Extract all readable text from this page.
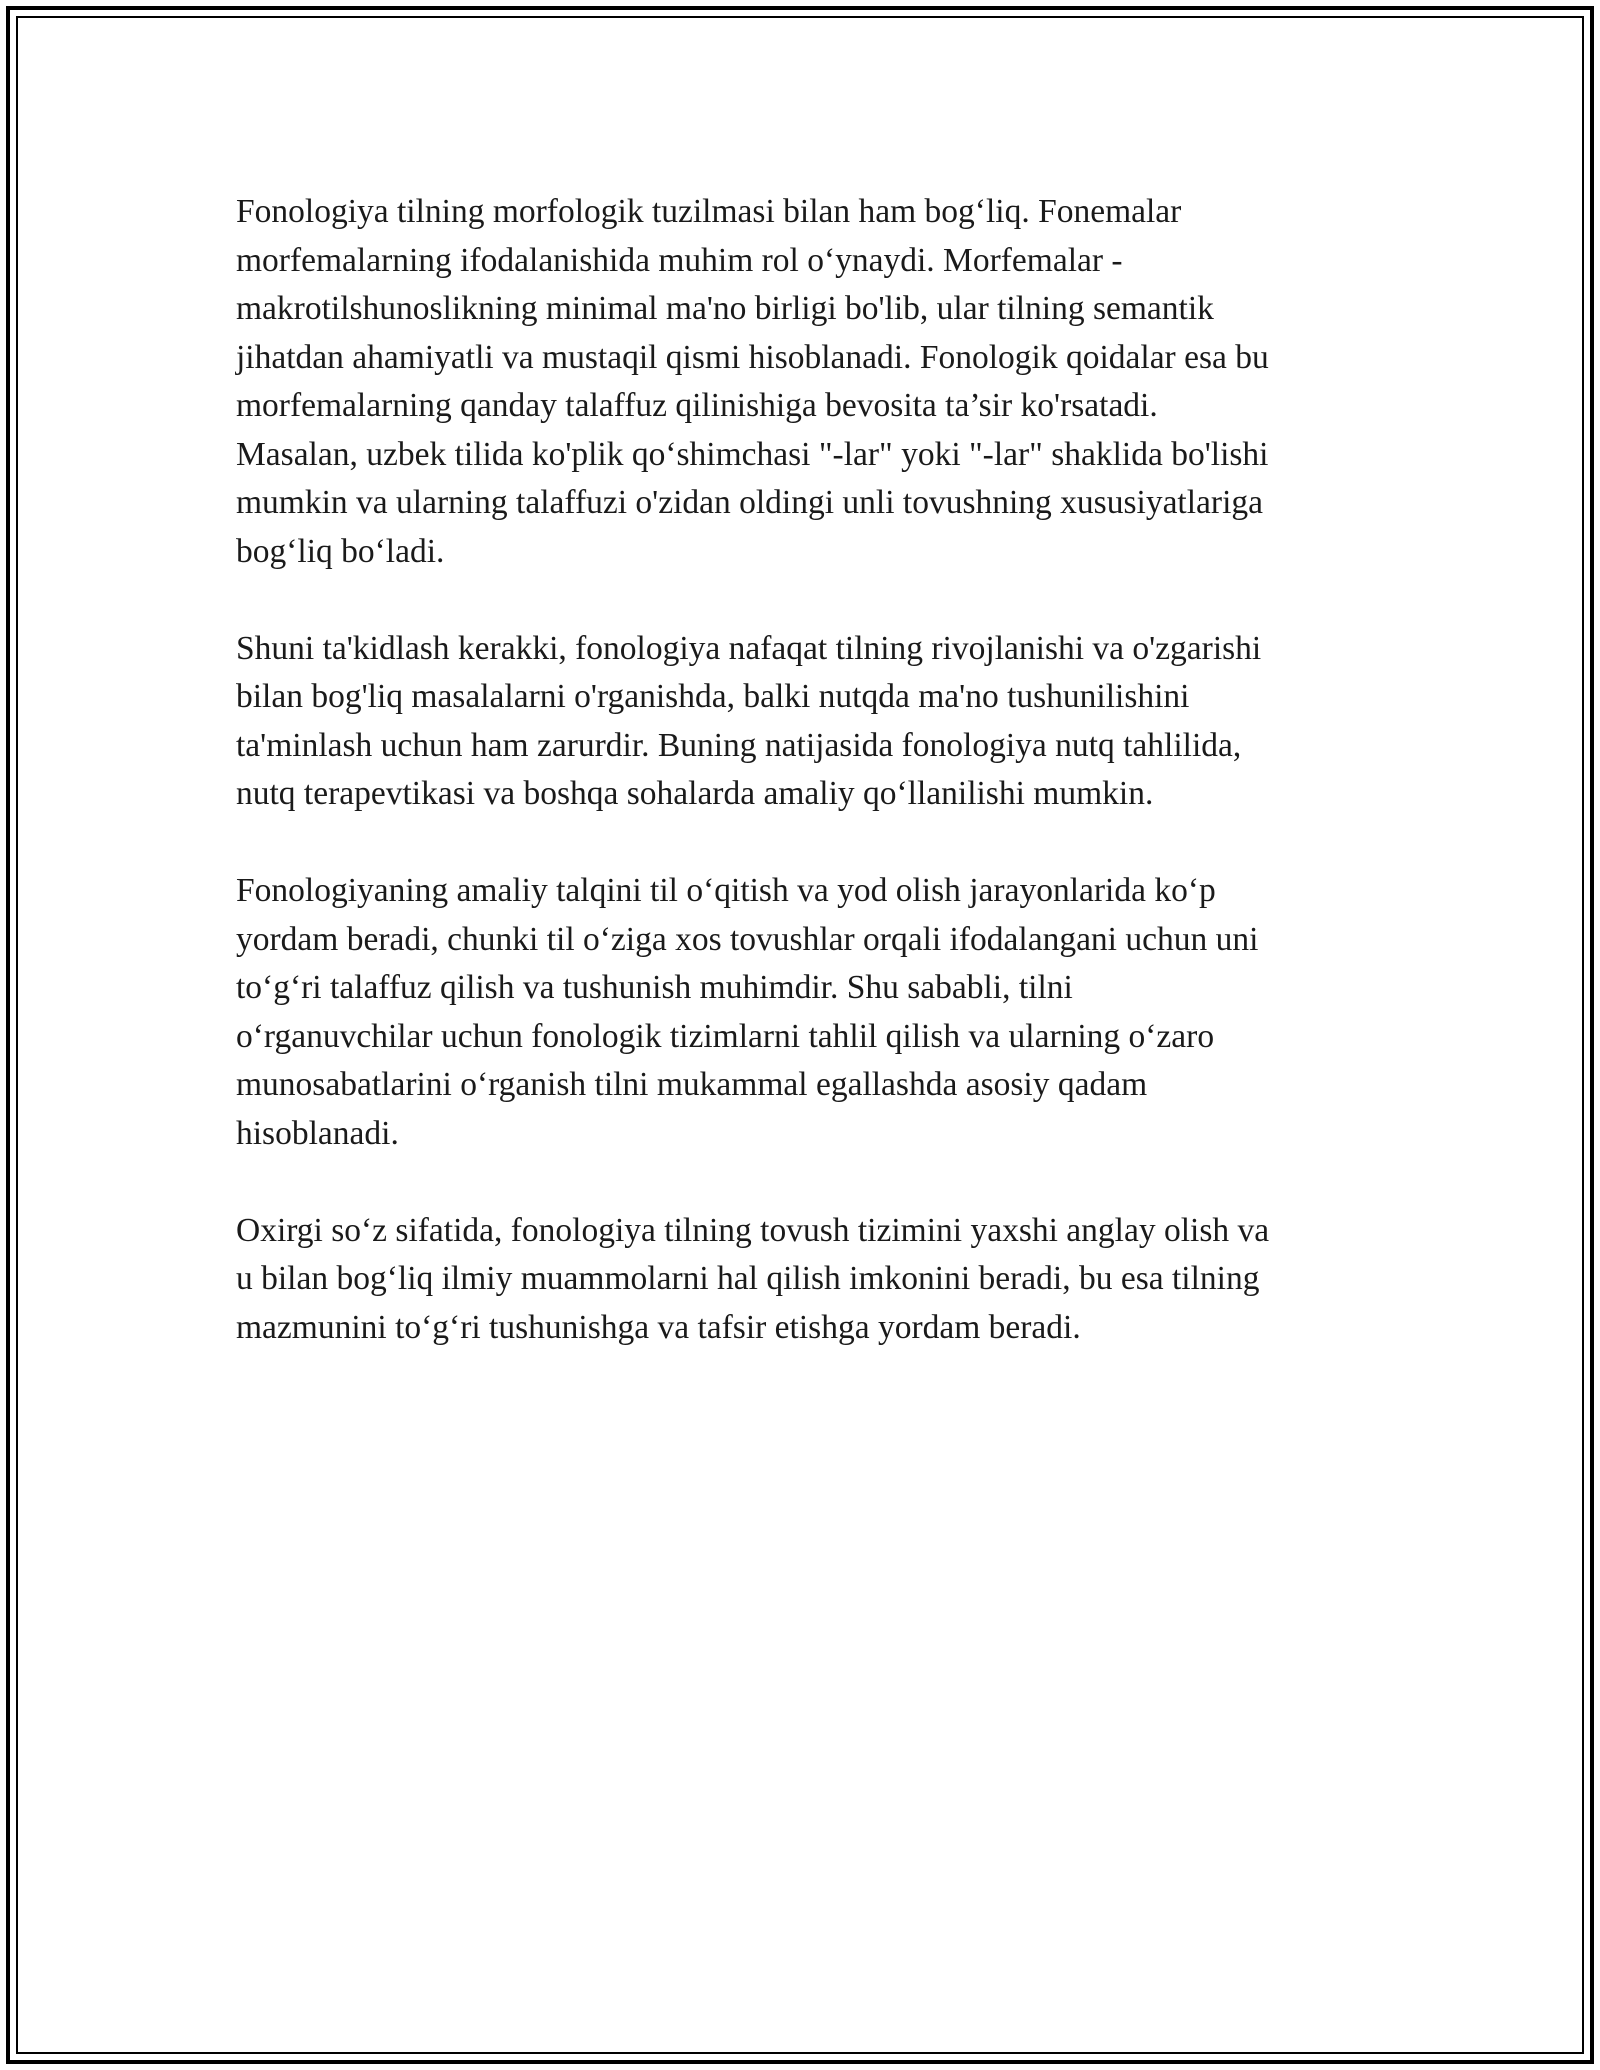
Fonologiya tilning morfologik tuzilmasi bilan ham bog‘liq. Fonemalar
morfemalarning ifodalanishida muhim rol o‘ynaydi. Morfemalar -
makrotilshunoslikning minimal ma'no birligi bo'lib, ular tilning semantik
jihatdan ahamiyatli va mustaqil qismi hisoblanadi. Fonologik qoidalar esa bu
morfemalarning qanday talaffuz qilinishiga bevosita ta’sir ko'rsatadi.
Masalan, uzbek tilida ko'plik qo‘shimchasi "-lar" yoki "-lar" shaklida bo'lishi
mumkin va ularning talaffuzi o'zidan oldingi unli tovushning xususiyatlariga
bog‘liq bo‘ladi.

Shuni ta'kidlash kerakki, fonologiya nafaqat tilning rivojlanishi va o'zgarishi
bilan bog'liq masalalarni o'rganishda, balki nutqda ma'no tushunilishini
ta'minlash uchun ham zarurdir. Buning natijasida fonologiya nutq tahlilida,
nutq terapevtikasi va boshqa sohalarda amaliy qo‘llanilishi mumkin.

Fonologiyaning amaliy talqini til o‘qitish va yod olish jarayonlarida ko‘p
yordam beradi, chunki til o‘ziga xos tovushlar orqali ifodalangani uchun uni
to‘g‘ri talaffuz qilish va tushunish muhimdir. Shu sababli, tilni
o‘rganuvchilar uchun fonologik tizimlarni tahlil qilish va ularning o‘zaro
munosabatlarini o‘rganish tilni mukammal egallashda asosiy qadam
hisoblanadi.

Oxirgi so‘z sifatida, fonologiya tilning tovush tizimini yaxshi anglay olish va
u bilan bog‘liq ilmiy muammolarni hal qilish imkonini beradi, bu esa tilning
mazmunini to‘g‘ri tushunishga va tafsir etishga yordam beradi.
